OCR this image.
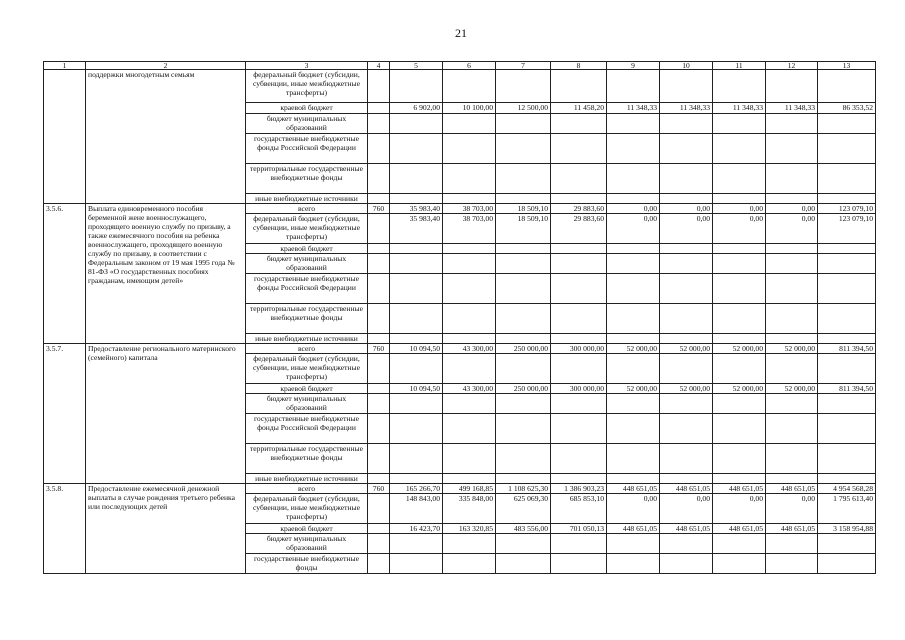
21
1	2	3	4	5	6	7	8	9	10	11	12	13
	поддержки многодетным семьям	федеральный бюджет (субсидии, субвенции, иные межбюджетные трансферты)										
		краевой бюджет		6 902,00	10 100,00	12 500,00	11 458,20	11 348,33	11 348,33	11 348,33	11 348,33	86 353,52
		бюджет муниципальных образований										
		государственные внебюджетные фонды Российской Федерации										
		территориальные государственные внебюджетные фонды										
		иные внебюджетные источники										
3.5.6.	Выплата единовременного пособия беременной жене военнослужащего, проходящего военную службу по призыву, а также ежемесячного пособия на ребенка военнослужащего, проходящего военную службу по призыву, в соответствии с Федеральным законом от 19 мая 1995 года № 81-ФЗ «О государственных пособиях гражданам, имеющим детей»	всего	760	35 983,40	38 703,00	18 509,10	29 883,60	0,00	0,00	0,00	0,00	123 079,10
		федеральный бюджет (субсидии, субвенции, иные межбюджетные трансферты)		35 983,40	38 703,00	18 509,10	29 883,60	0,00	0,00	0,00	0,00	123 079,10
		краевой бюджет										
		бюджет муниципальных образований										
		государственные внебюджетные фонды Российской Федерации										
		территориальные государственные внебюджетные фонды										
		иные внебюджетные источники										
3.5.7.	Предоставление регионального материнского (семейного) капитала	всего	760	10 094,50	43 300,00	250 000,00	300 000,00	52 000,00	52 000,00	52 000,00	52 000,00	811 394,50
		федеральный бюджет (субсидии, субвенции, иные межбюджетные трансферты)										
		краевой бюджет		10 094,50	43 300,00	250 000,00	300 000,00	52 000,00	52 000,00	52 000,00	52 000,00	811 394,50
		бюджет муниципальных образований										
		государственные внебюджетные фонды Российской Федерации										
		территориальные государственные внебюджетные фонды										
		иные внебюджетные источники										
3.5.8.	Предоставление ежемесячной денежной выплаты в случае рождения третьего ребенка или последующих детей	всего	760	165 266,70	499 168,85	1 108 625,30	1 386 903,23	448 651,05	448 651,05	448 651,05	448 651,05	4 954 568,28
		федеральный бюджет (субсидии, субвенции, иные межбюджетные трансферты)		148 843,00	335 848,00	625 069,30	685 853,10	0,00	0,00	0,00	0,00	1 795 613,40
		краевой бюджет		16 423,70	163 320,85	483 556,00	701 050,13	448 651,05	448 651,05	448 651,05	448 651,05	3 158 954,88
		бюджет муниципальных образований										
		государственные внебюджетные фонды										
